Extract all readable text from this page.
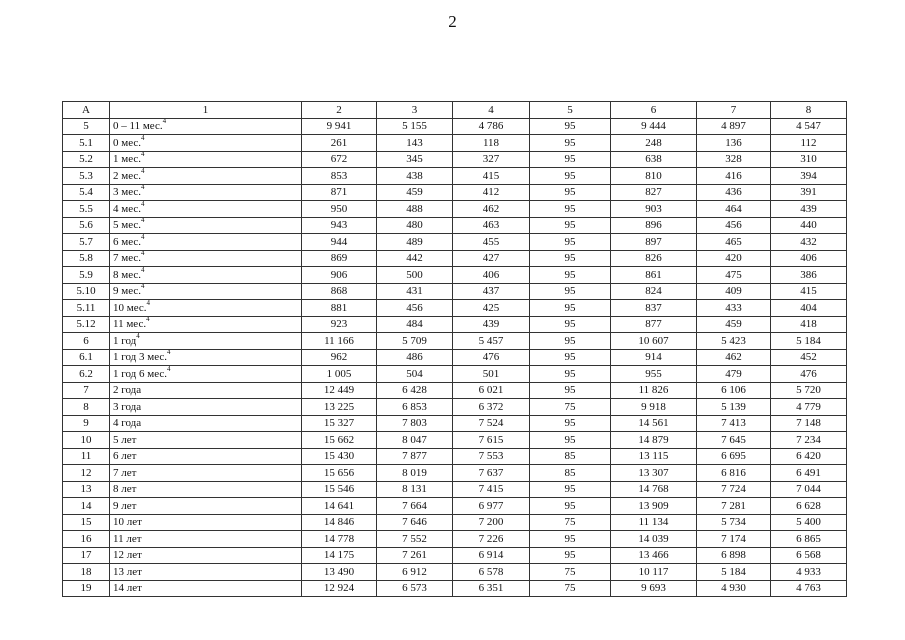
2
А	1	2	3	4	5	6	7	8
5	0 – 11 мес.$^4$	9 941	5 155	4 786	95	9 444	4 897	4 547
5.1	0 мес.$^4$	261	143	118	95	248	136	112
5.2	1 мес.$^4$	672	345	327	95	638	328	310
5.3	2 мес.$^4$	853	438	415	95	810	416	394
5.4	3 мес.$^4$	871	459	412	95	827	436	391
5.5	4 мес.$^4$	950	488	462	95	903	464	439
5.6	5 мес.$^4$	943	480	463	95	896	456	440
5.7	6 мес.$^4$	944	489	455	95	897	465	432
5.8	7 мес.$^4$	869	442	427	95	826	420	406
5.9	8 мес.$^4$	906	500	406	95	861	475	386
5.10	9 мес.$^4$	868	431	437	95	824	409	415
5.11	10 мес.$^4$	881	456	425	95	837	433	404
5.12	11 мес.$^4$	923	484	439	95	877	459	418
6	1 год$^4$	11 166	5 709	5 457	95	10 607	5 423	5 184
6.1	1 год 3 мес.$^4$	962	486	476	95	914	462	452
6.2	1 год 6 мес.$^4$	1 005	504	501	95	955	479	476
7	2 года	12 449	6 428	6 021	95	11 826	6 106	5 720
8	3 года	13 225	6 853	6 372	75	9 918	5 139	4 779
9	4 года	15 327	7 803	7 524	95	14 561	7 413	7 148
10	5 лет	15 662	8 047	7 615	95	14 879	7 645	7 234
11	6 лет	15 430	7 877	7 553	85	13 115	6 695	6 420
12	7 лет	15 656	8 019	7 637	85	13 307	6 816	6 491
13	8 лет	15 546	8 131	7 415	95	14 768	7 724	7 044
14	9 лет	14 641	7 664	6 977	95	13 909	7 281	6 628
15	10 лет	14 846	7 646	7 200	75	11 134	5 734	5 400
16	11 лет	14 778	7 552	7 226	95	14 039	7 174	6 865
17	12 лет	14 175	7 261	6 914	95	13 466	6 898	6 568
18	13 лет	13 490	6 912	6 578	75	10 117	5 184	4 933
19	14 лет	12 924	6 573	6 351	75	9 693	4 930	4 763
